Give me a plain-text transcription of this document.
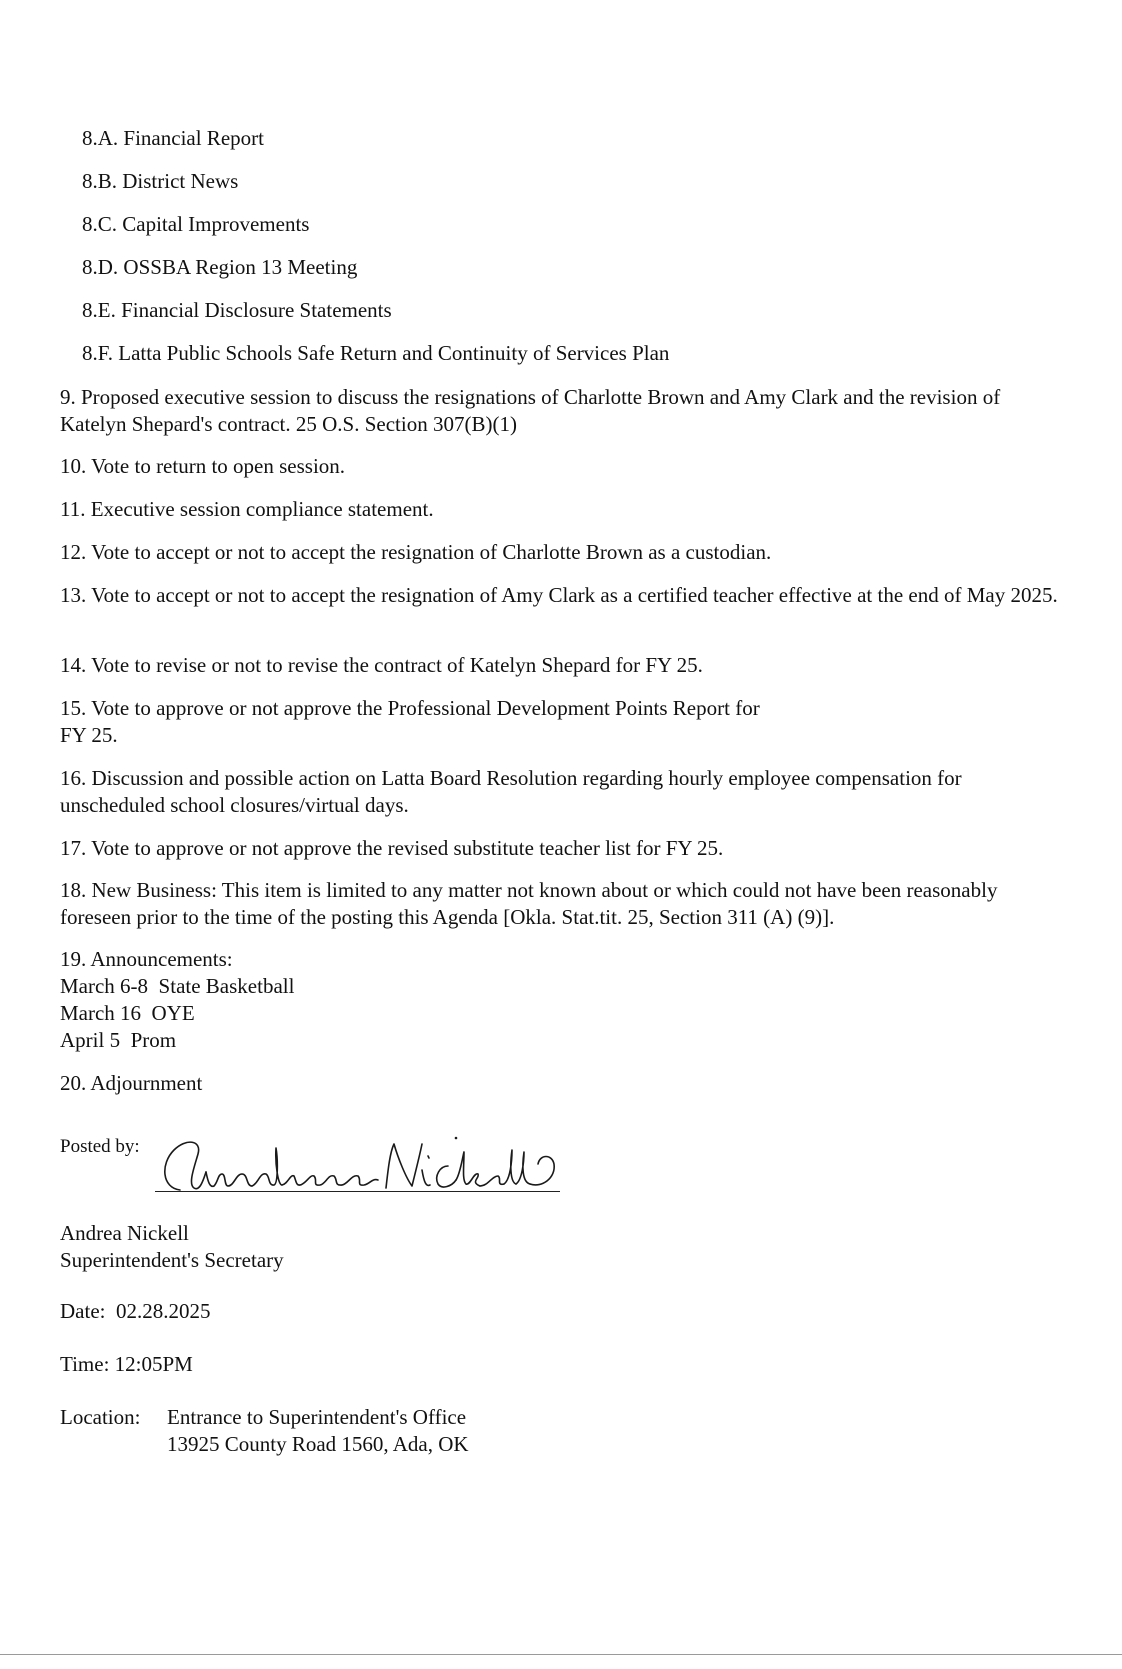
8.A. Financial Report
8.B. District News
8.C. Capital Improvements
8.D. OSSBA Region 13 Meeting
8.E. Financial Disclosure Statements
8.F. Latta Public Schools Safe Return and Continuity of Services Plan
9. Proposed executive session to discuss the resignations of Charlotte Brown and Amy Clark and the revision of Katelyn Shepard's contract. 25 O.S. Section 307(B)(1)
10. Vote to return to open session.
11. Executive session compliance statement.
12. Vote to accept or not to accept the resignation of Charlotte Brown as a custodian.
13. Vote to accept or not to accept the resignation of Amy Clark as a certified teacher effective at the end of May 2025.
14. Vote to revise or not to revise the contract of Katelyn Shepard for FY 25.
15. Vote to approve or not approve the Professional Development Points Report for
FY 25.
16. Discussion and possible action on Latta Board Resolution regarding hourly employee compensation for unscheduled school closures/virtual days.
17. Vote to approve or not approve the revised substitute teacher list for FY 25.
18. New Business: This item is limited to any matter not known about or which could not have been reasonably foreseen prior to the time of the posting this Agenda [Okla. Stat.tit. 25, Section 311 (A) (9)].
19. Announcements:
March 6-8  State Basketball
March 16  OYE
April 5  Prom
20. Adjournment
Posted by:
Andrea Nickell
Superintendent's Secretary
Date:  02.28.2025
Time: 12:05PM
Location: Entrance to Superintendent's Office
13925 County Road 1560, Ada, OK
